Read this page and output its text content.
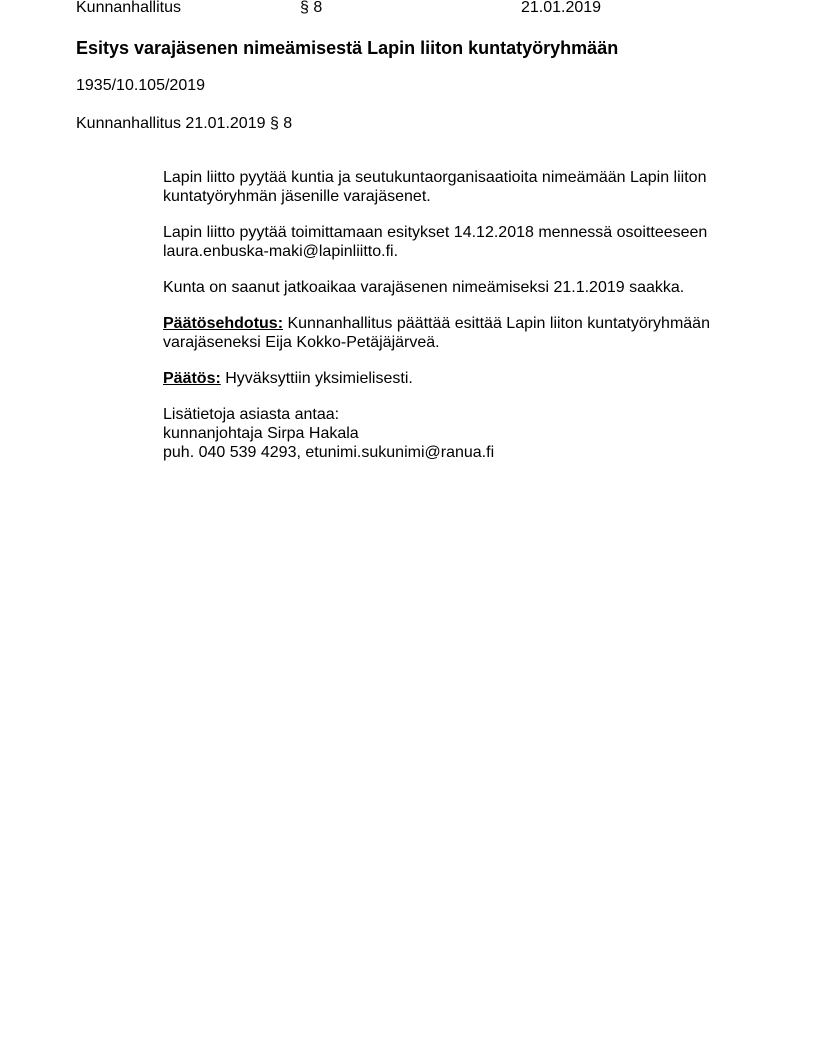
Kunnanhallitus	§ 8	21.01.2019
Esitys varajäsenen nimeämisestä Lapin liiton kuntatyöryhmään
1935/10.105/2019
Kunnanhallitus 21.01.2019 § 8
Lapin liitto pyytää kuntia ja seutukuntaorganisaatioita nimeämään Lapin liiton
kuntatyöryhmän jäsenille varajäsenet.
Lapin liitto pyytää toimittamaan esitykset 14.12.2018 mennessä osoitteeseen
laura.enbuska-maki@lapinliitto.fi.
Kunta on saanut jatkoaikaa varajäsenen nimeämiseksi 21.1.2019 saakka.
Päätösehdotus: Kunnanhallitus päättää esittää Lapin liiton kuntatyöryhmään
varajäseneksi Eija Kokko-Petäjäjärveä.
Päätös: Hyväksyttiin yksimielisesti.
Lisätietoja asiasta antaa:
kunnanjohtaja Sirpa Hakala
puh. 040 539 4293, etunimi.sukunimi@ranua.fi
